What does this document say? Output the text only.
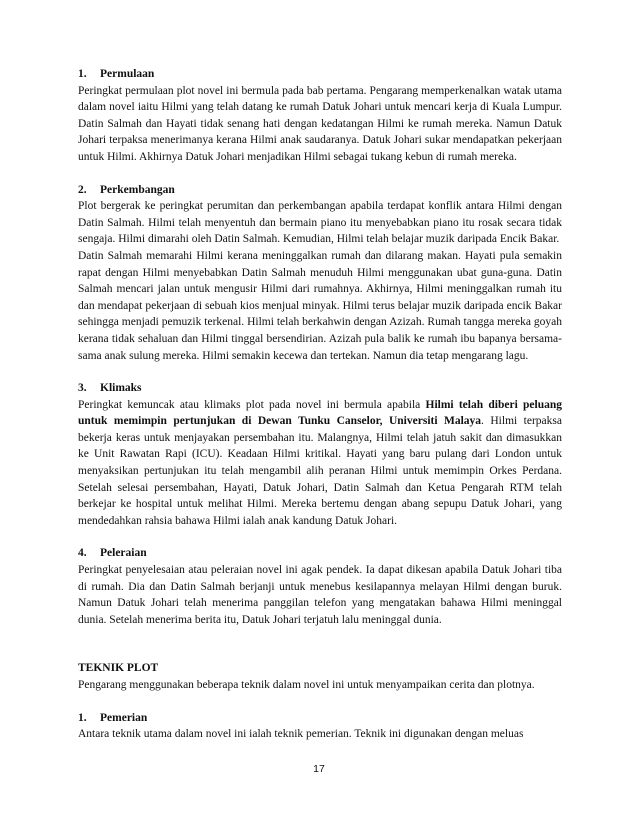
1. Permulaan

Peringkat permulaan plot novel ini bermula pada bab pertama. Pengarang memperkenalkan watak utama dalam novel iaitu Hilmi yang telah datang ke rumah Datuk Johari untuk mencari kerja di Kuala Lumpur. Datin Salmah dan Hayati tidak senang hati dengan kedatangan Hilmi ke rumah mereka. Namun Datuk Johari terpaksa menerimanya kerana Hilmi anak saudaranya. Datuk Johari sukar mendapatkan pekerjaan untuk Hilmi. Akhirnya Datuk Johari menjadikan Hilmi sebagai tukang kebun di rumah mereka.

2. Perkembangan

Plot bergerak ke peringkat perumitan dan perkembangan apabila terdapat konflik antara Hilmi dengan Datin Salmah. Hilmi telah menyentuh dan bermain piano itu menyebabkan piano itu rosak secara tidak sengaja. Hilmi dimarahi oleh Datin Salmah. Kemudian, Hilmi telah belajar muzik daripada Encik Bakar.

Datin Salmah memarahi Hilmi kerana meninggalkan rumah dan dilarang makan. Hayati pula semakin rapat dengan Hilmi menyebabkan Datin Salmah menuduh Hilmi menggunakan ubat guna-guna. Datin Salmah mencari jalan untuk mengusir Hilmi dari rumahnya. Akhirnya, Hilmi meninggalkan rumah itu dan mendapat pekerjaan di sebuah kios menjual minyak. Hilmi terus belajar muzik daripada encik Bakar sehingga menjadi pemuzik terkenal. Hilmi telah berkahwin dengan Azizah. Rumah tangga mereka goyah kerana tidak sehaluan dan Hilmi tinggal bersendirian. Azizah pula balik ke rumah ibu bapanya bersama-sama anak sulung mereka. Hilmi semakin kecewa dan tertekan. Namun dia tetap mengarang lagu.

3. Klimaks

Peringkat kemuncak atau klimaks plot pada novel ini bermula apabila Hilmi telah diberi peluang untuk memimpin pertunjukan di Dewan Tunku Canselor, Universiti Malaya. Hilmi terpaksa bekerja keras untuk menjayakan persembahan itu. Malangnya, Hilmi telah jatuh sakit dan dimasukkan ke Unit Rawatan Rapi (ICU). Keadaan Hilmi kritikal. Hayati yang baru pulang dari London untuk menyaksikan pertunjukan itu telah mengambil alih peranan Hilmi untuk memimpin Orkes Perdana. Setelah selesai persembahan, Hayati, Datuk Johari, Datin Salmah dan Ketua Pengarah RTM telah berkejar ke hospital untuk melihat Hilmi. Mereka bertemu dengan abang sepupu Datuk Johari, yang mendedahkan rahsia bahawa Hilmi ialah anak kandung Datuk Johari.

4. Peleraian

Peringkat penyelesaian atau peleraian novel ini agak pendek. Ia dapat dikesan apabila Datuk Johari tiba di rumah. Dia dan Datin Salmah berjanji untuk menebus kesilapannya melayan Hilmi dengan buruk. Namun Datuk Johari telah menerima panggilan telefon yang mengatakan bahawa Hilmi meninggal dunia. Setelah menerima berita itu, Datuk Johari terjatuh lalu meninggal dunia.

TEKNIK PLOT

Pengarang menggunakan beberapa teknik dalam novel ini untuk menyampaikan cerita dan plotnya.

1. Pemerian

Antara teknik utama dalam novel ini ialah teknik pemerian. Teknik ini digunakan dengan meluas

17
